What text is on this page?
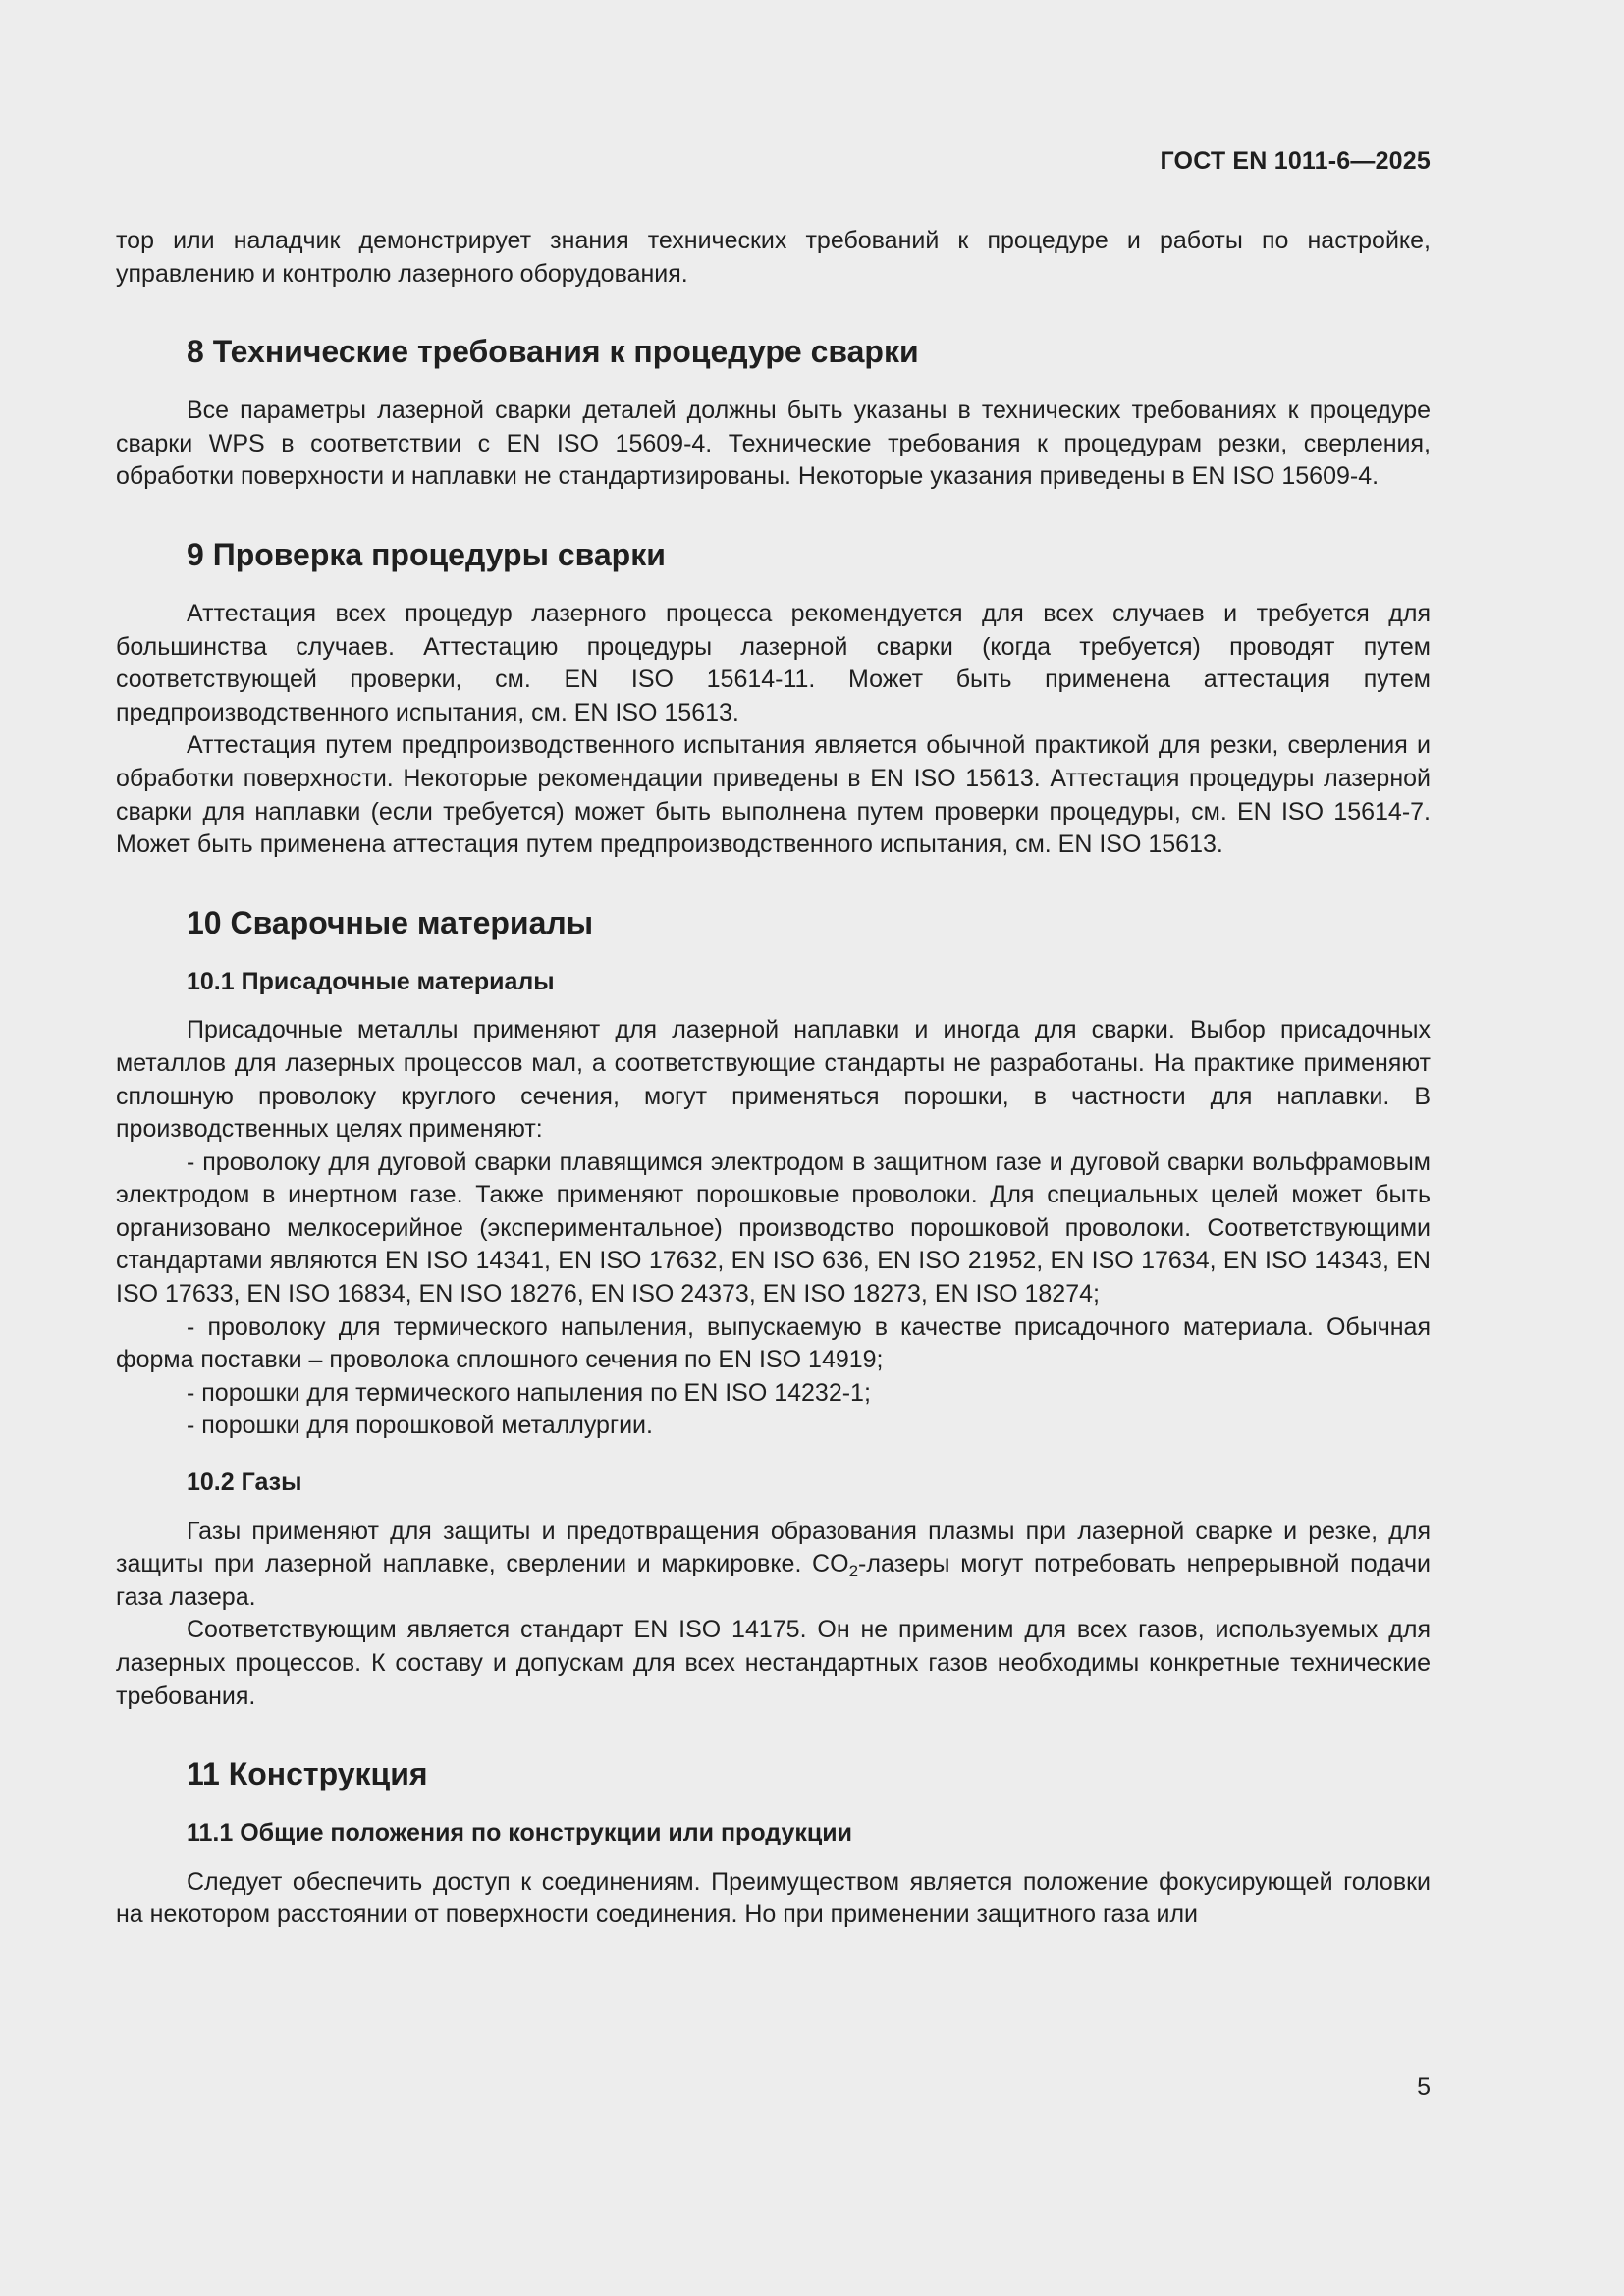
ГОСТ EN 1011-6—2025

тор или наладчик демонстрирует знания технических требований к процедуре и работы по настройке, управлению и контролю лазерного оборудования.

8 Технические требования к процедуре сварки

Все параметры лазерной сварки деталей должны быть указаны в технических требованиях к процедуре сварки WPS в соответствии с EN ISO 15609-4. Технические требования к процедурам резки, сверления, обработки поверхности и наплавки не стандартизированы. Некоторые указания приведены в EN ISO 15609-4.

9 Проверка процедуры сварки

Аттестация всех процедур лазерного процесса рекомендуется для всех случаев и требуется для большинства случаев. Аттестацию процедуры лазерной сварки (когда требуется) проводят путем соответствующей проверки, см. EN ISO 15614-11. Может быть применена аттестация путем предпроизводственного испытания, см. EN ISO 15613.

Аттестация путем предпроизводственного испытания является обычной практикой для резки, сверления и обработки поверхности. Некоторые рекомендации приведены в EN ISO 15613. Аттестация процедуры лазерной сварки для наплавки (если требуется) может быть выполнена путем проверки процедуры, см. EN ISO 15614-7. Может быть применена аттестация путем предпроизводственного испытания, см. EN ISO 15613.

10 Сварочные материалы
10.1 Присадочные материалы

Присадочные металлы применяют для лазерной наплавки и иногда для сварки. Выбор присадочных металлов для лазерных процессов мал, а соответствующие стандарты не разработаны. На практике применяют сплошную проволоку круглого сечения, могут применяться порошки, в частности для наплавки. В производственных целях применяют:

- проволоку для дуговой сварки плавящимся электродом в защитном газе и дуговой сварки вольфрамовым электродом в инертном газе. Также применяют порошковые проволоки. Для специальных целей может быть организовано мелкосерийное (экспериментальное) производство порошковой проволоки. Соответствующими стандартами являются EN ISO 14341, EN ISO 17632, EN ISO 636, EN ISO 21952, EN ISO 17634, EN ISO 14343, EN ISO 17633, EN ISO 16834, EN ISO 18276, EN ISO 24373, EN ISO 18273, EN ISO 18274;

- проволоку для термического напыления, выпускаемую в качестве присадочного материала. Обычная форма поставки – проволока сплошного сечения по EN ISO 14919;

- порошки для термического напыления по EN ISO 14232-1;

- порошки для порошковой металлургии.

10.2 Газы

Газы применяют для защиты и предотвращения образования плазмы при лазерной сварке и резке, для защиты при лазерной наплавке, сверлении и маркировке. $CO_2$-лазеры могут потребовать непрерывной подачи газа лазера.

Соответствующим является стандарт EN ISO 14175. Он не применим для всех газов, используемых для лазерных процессов. К составу и допускам для всех нестандартных газов необходимы конкретные технические требования.

11 Конструкция
11.1 Общие положения по конструкции или продукции

Следует обеспечить доступ к соединениям. Преимуществом является положение фокусирующей головки на некотором расстоянии от поверхности соединения. Но при применении защитного газа или

5
